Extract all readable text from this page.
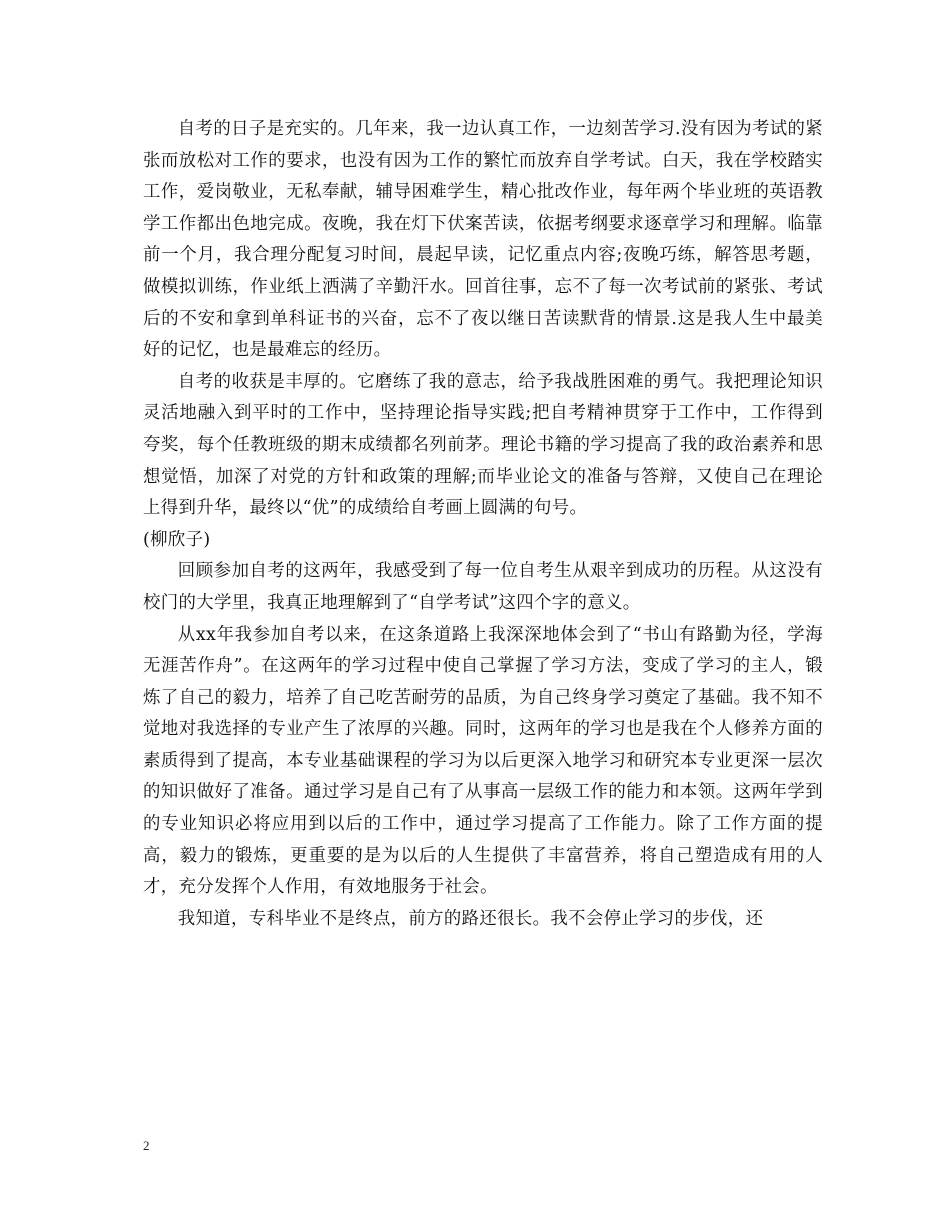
自考的日子是充实的。几年来，我一边认真工作，一边刻苦学习.没有因为考试的紧张而放松对工作的要求，也没有因为工作的繁忙而放弃自学考试。白天，我在学校踏实工作，爱岗敬业，无私奉献，辅导困难学生，精心批改作业，每年两个毕业班的英语教学工作都出色地完成。夜晚，我在灯下伏案苦读，依据考纲要求逐章学习和理解。临靠前一个月，我合理分配复习时间，晨起早读，记忆重点内容;夜晚巧练，解答思考题，做模拟训练，作业纸上洒满了辛勤汗水。回首往事，忘不了每一次考试前的紧张、考试后的不安和拿到单科证书的兴奋，忘不了夜以继日苦读默背的情景.这是我人生中最美好的记忆，也是最难忘的经历。

自考的收获是丰厚的。它磨练了我的意志，给予我战胜困难的勇气。我把理论知识灵活地融入到平时的工作中，坚持理论指导实践;把自考精神贯穿于工作中，工作得到夸奖，每个任教班级的期末成绩都名列前茅。理论书籍的学习提高了我的政治素养和思想觉悟，加深了对党的方针和政策的理解;而毕业论文的准备与答辩，又使自己在理论上得到升华，最终以“优”的成绩给自考画上圆满的句号。

(柳欣子)

回顾参加自考的这两年，我感受到了每一位自考生从艰辛到成功的历程。从这没有校门的大学里，我真正地理解到了“自学考试”这四个字的意义。

从xx年我参加自考以来，在这条道路上我深深地体会到了“书山有路勤为径，学海无涯苦作舟”。在这两年的学习过程中使自己掌握了学习方法，变成了学习的主人，锻炼了自己的毅力，培养了自己吃苦耐劳的品质，为自己终身学习奠定了基础。我不知不觉地对我选择的专业产生了浓厚的兴趣。同时，这两年的学习也是我在个人修养方面的素质得到了提高，本专业基础课程的学习为以后更深入地学习和研究本专业更深一层次的知识做好了准备。通过学习是自己有了从事高一层级工作的能力和本领。这两年学到的专业知识必将应用到以后的工作中，通过学习提高了工作能力。除了工作方面的提高，毅力的锻炼，更重要的是为以后的人生提供了丰富营养，将自己塑造成有用的人才，充分发挥个人作用，有效地服务于社会。

我知道，专科毕业不是终点，前方的路还很长。我不会停止学习的步伐，还

2
